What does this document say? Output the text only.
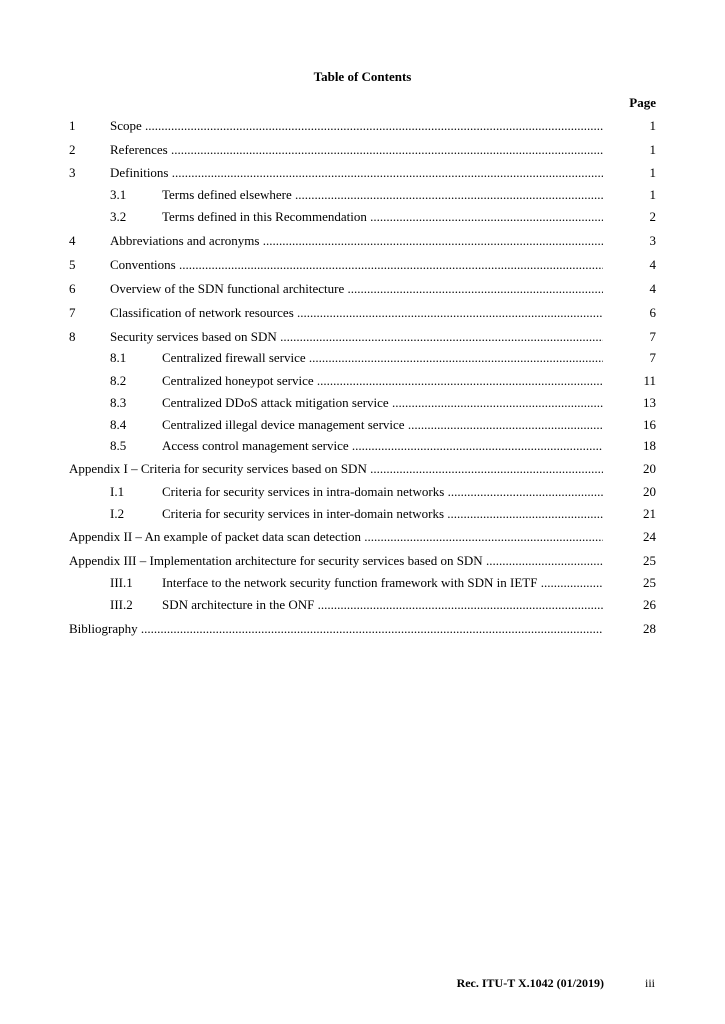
Table of Contents
Page
1	Scope .....	1
2	References .....	1
3	Definitions .....	1
3.1	Terms defined elsewhere .....	1
3.2	Terms defined in this Recommendation .....	2
4	Abbreviations and acronyms .....	3
5	Conventions .....	4
6	Overview of the SDN functional architecture .....	4
7	Classification of network resources .....	6
8	Security services based on SDN .....	7
8.1	Centralized firewall service .....	7
8.2	Centralized honeypot service .....	11
8.3	Centralized DDoS attack mitigation service .....	13
8.4	Centralized illegal device management service .....	16
8.5	Access control management service .....	18
Appendix I – Criteria for security services based on SDN .....	20
I.1	Criteria for security services in intra-domain networks .....	20
I.2	Criteria for security services in inter-domain networks .....	21
Appendix II – An example of packet data scan detection .....	24
Appendix III – Implementation architecture for security services based on SDN .....	25
III.1 Interface to the network security function framework with SDN in IETF .....	25
III.2 SDN architecture in the ONF .....	26
Bibliography .....	28
Rec. ITU-T X.1042 (01/2019)	iii
